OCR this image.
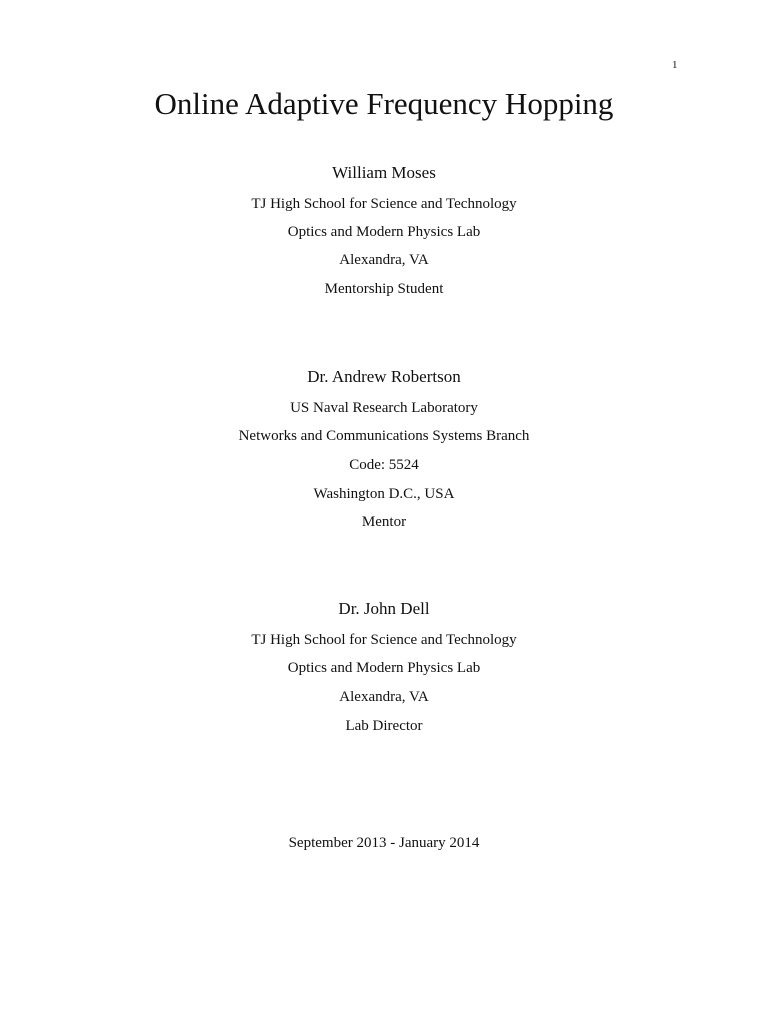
1
Online Adaptive Frequency Hopping
William Moses
TJ High School for Science and Technology
Optics and Modern Physics Lab
Alexandra, VA
Mentorship Student
Dr. Andrew Robertson
US Naval Research Laboratory
Networks and Communications Systems Branch
Code: 5524
Washington D.C., USA
Mentor
Dr. John Dell
TJ High School for Science and Technology
Optics and Modern Physics Lab
Alexandra, VA
Lab Director
September 2013 - January 2014
